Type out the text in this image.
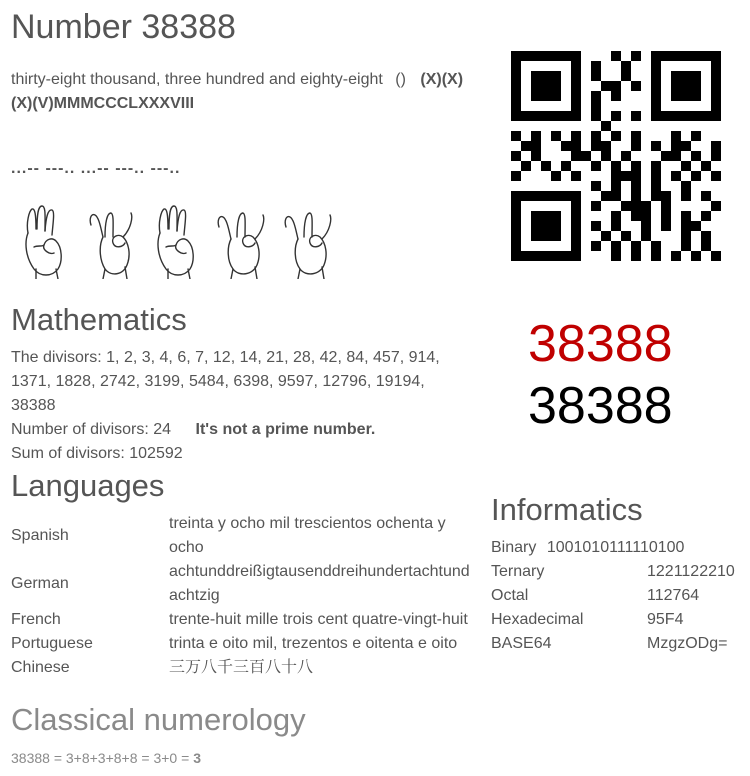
Number 38388
thirty-eight thousand, three hundred and eighty-eight () (X)(X)(X)(V)MMMCCCLXXXVIII
...-- ---.. ...-- ---.. ---..
38388
38388
Mathematics
The divisors: 1, 2, 3, 4, 6, 7, 12, 14, 21, 28, 42, 84, 457, 914, 1371, 1828, 2742, 3199, 5484, 6398, 9597, 12796, 19194, 38388
Number of divisors: 24 It's not a prime number.
Sum of divisors: 102592
Languages
Spanish	treinta y ocho mil trescientos ochenta y ocho
German	achtunddreißigtausenddreihundertachtund achtzig
French	trente-huit mille trois cent quatre-vingt-huit
Portuguese	trinta e oito mil, trezentos e oitenta e oito
Chinese	三万八千三百八十八
Informatics
Binary 1001010111110100
Ternary	1221122210
Octal	112764
Hexadecimal	95F4
BASE64	MzgzODg=
Classical numerology
38388 = 3+8+3+8+8 = 3+0 = 3
